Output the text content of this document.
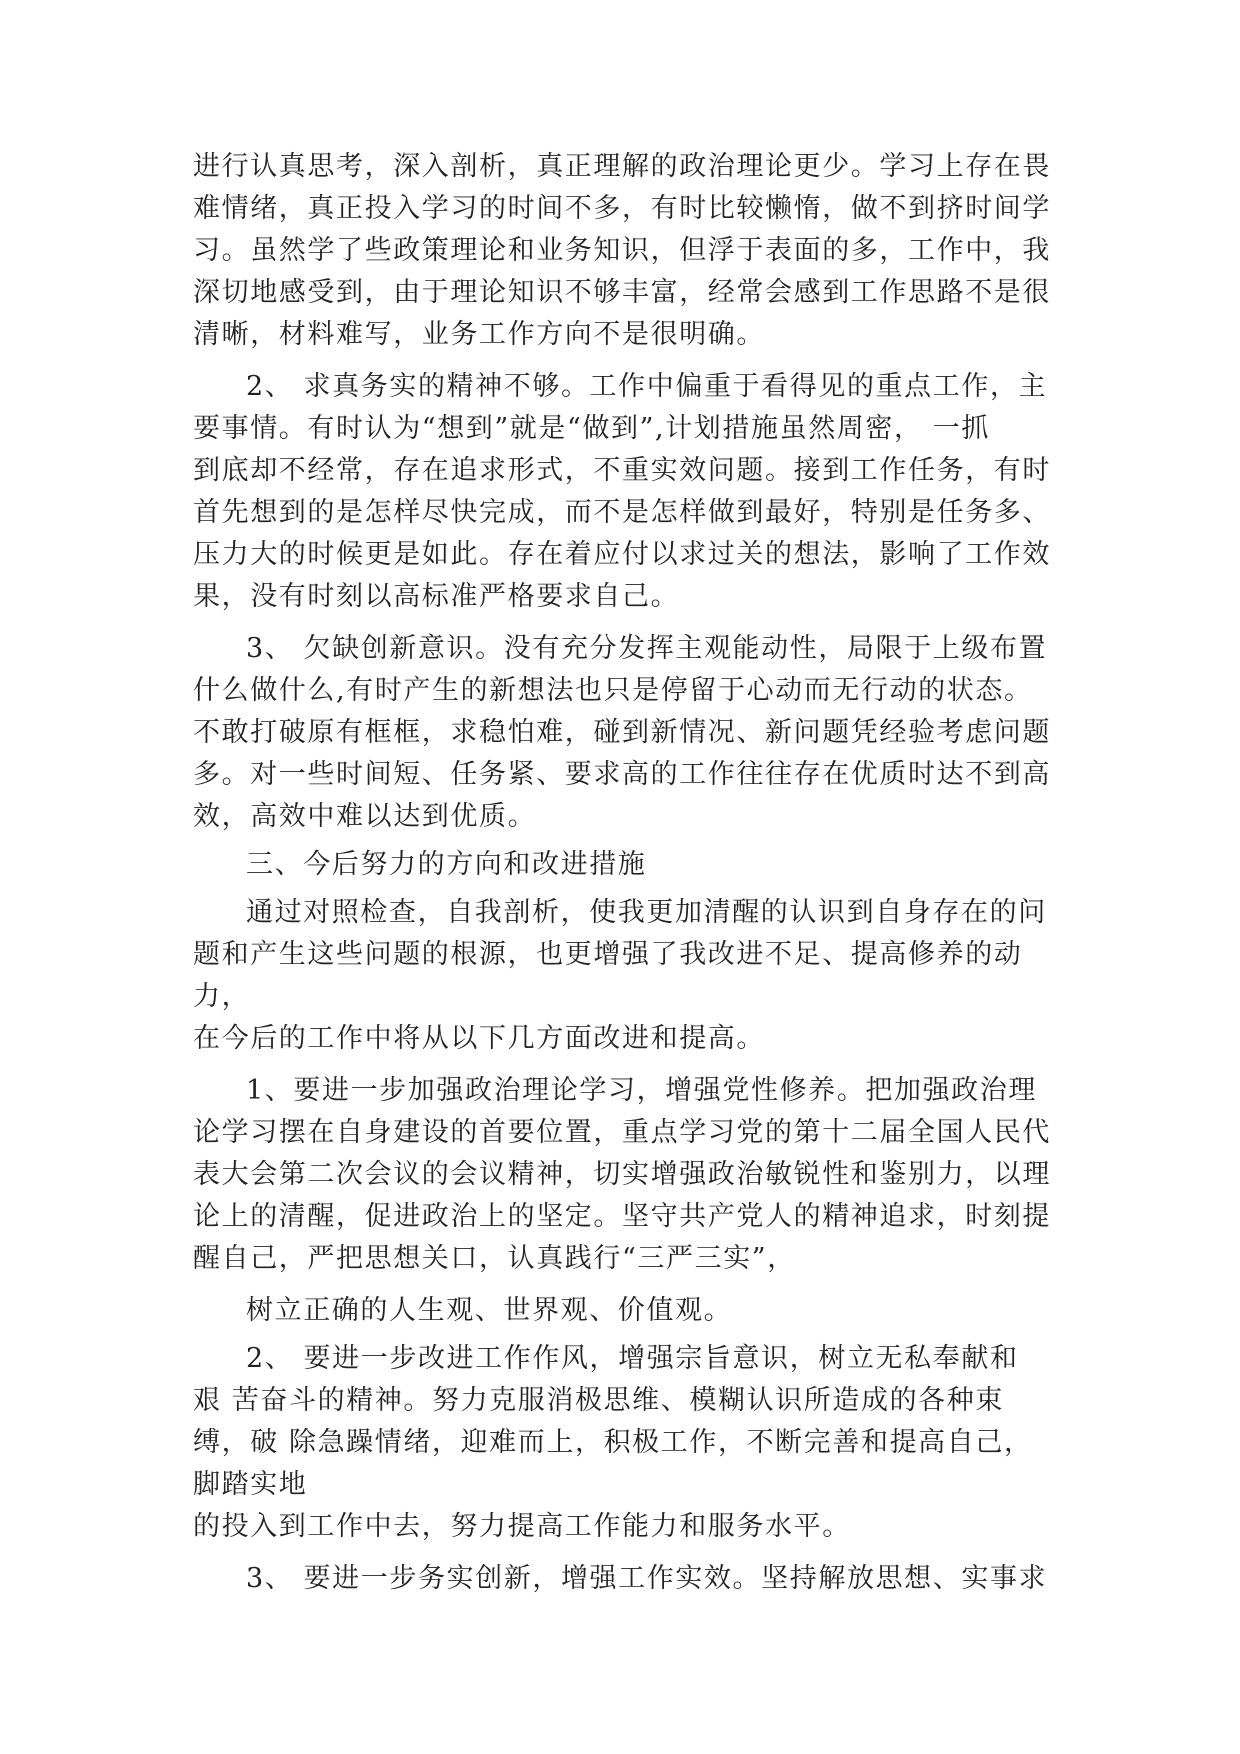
进行认真思考，深入剖析，真正理解的政治理论更少。学习上存在畏
难情绪，真正投入学习的时间不多，有时比较懒惰，做不到挤时间学
习。虽然学了些政策理论和业务知识，但浮于表面的多，工作中，我
深切地感受到，由于理论知识不够丰富，经常会感到工作思路不是很
清晰，材料难写，业务工作方向不是很明确。
2、 求真务实的精神不够。工作中偏重于看得见的重点工作，主
要事情。有时认为“想到”就是“做到”,计划措施虽然周密， 一抓
到底却不经常，存在追求形式，不重实效问题。接到工作任务，有时
首先想到的是怎样尽快完成，而不是怎样做到最好，特别是任务多、
压力大的时候更是如此。存在着应付以求过关的想法，影响了工作效
果，没有时刻以高标准严格要求自己。
3、 欠缺创新意识。没有充分发挥主观能动性，局限于上级布置
什么做什么,有时产生的新想法也只是停留于心动而无行动的状态。
不敢打破原有框框，求稳怕难，碰到新情况、新问题凭经验考虑问题
多。对一些时间短、任务紧、要求高的工作往往存在优质时达不到高
效，高效中难以达到优质。
三、今后努力的方向和改进措施
通过对照检查，自我剖析，使我更加清醒的认识到自身存在的问
题和产生这些问题的根源，也更增强了我改进不足、提高修养的动
力，
在今后的工作中将从以下几方面改进和提高。
1、要进一步加强政治理论学习，增强党性修养。把加强政治理
论学习摆在自身建设的首要位置，重点学习党的第十二届全国人民代
表大会第二次会议的会议精神，切实增强政治敏锐性和鉴别力，以理
论上的清醒，促进政治上的坚定。坚守共产党人的精神追求，时刻提
醒自己，严把思想关口，认真践行“三严三实”，
树立正确的人生观、世界观、价值观。
2、 要进一步改进工作作风，增强宗旨意识，树立无私奉献和
艰 苦奋斗的精神。努力克服消极思维、模糊认识所造成的各种束
缚，破 除急躁情绪，迎难而上，积极工作，不断完善和提高自己，
脚踏实地
的投入到工作中去，努力提高工作能力和服务水平。
3、 要进一步务实创新，增强工作实效。坚持解放思想、实事求
